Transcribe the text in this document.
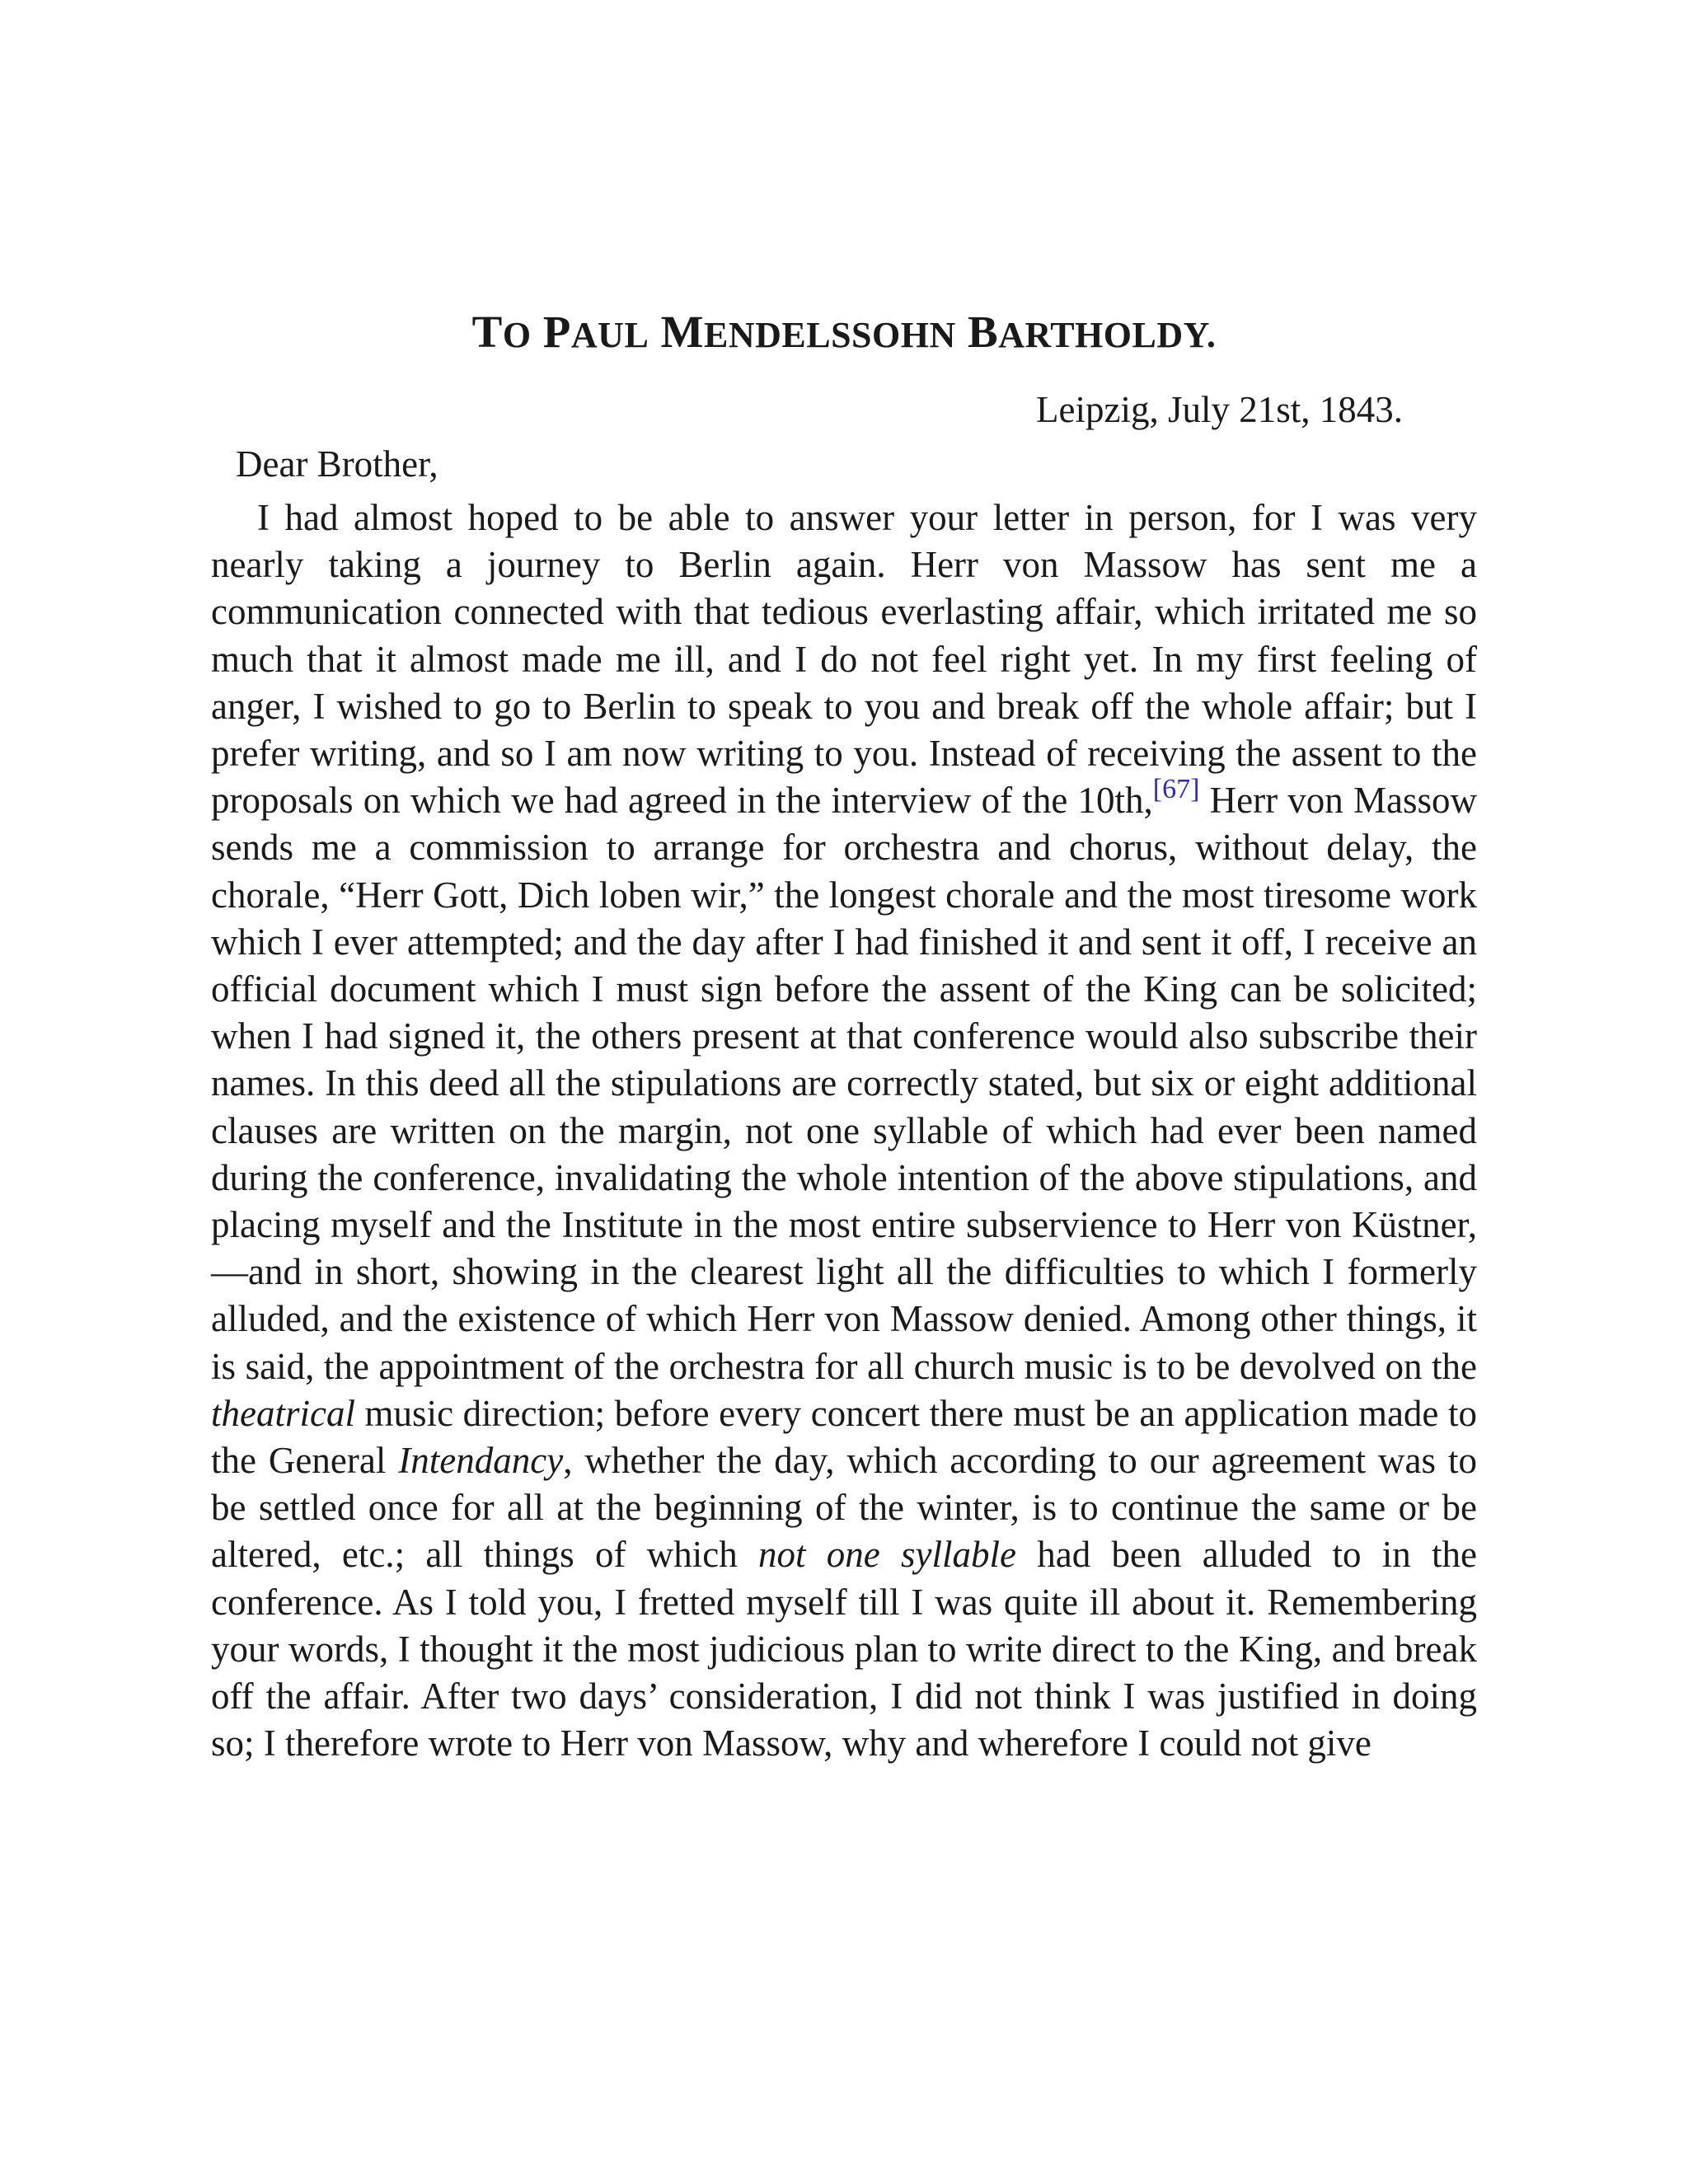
TO PAUL MENDELSSOHN BARTHOLDY.

Leipzig, July 21st, 1843.

Dear Brother,

I had almost hoped to be able to answer your letter in person, for I was very nearly taking a journey to Berlin again. Herr von Massow has sent me a communication connected with that tedious everlasting affair, which irritated me so much that it almost made me ill, and I do not feel right yet. In my first feeling of anger, I wished to go to Berlin to speak to you and break off the whole affair; but I prefer writing, and so I am now writing to you. Instead of receiving the assent to the proposals on which we had agreed in the interview of the 10th,[67] Herr von Massow sends me a commission to arrange for orchestra and chorus, without delay, the chorale, “Herr Gott, Dich loben wir,” the longest chorale and the most tiresome work which I ever attempted; and the day after I had finished it and sent it off, I receive an official document which I must sign before the assent of the King can be solicited; when I had signed it, the others present at that conference would also subscribe their names. In this deed all the stipulations are correctly stated, but six or eight additional clauses are written on the margin, not one syllable of which had ever been named during the conference, invalidating the whole intention of the above stipulations, and placing myself and the Institute in the most entire subservience to Herr von Küstner,—and in short, showing in the clearest light all the difficulties to which I formerly alluded, and the existence of which Herr von Massow denied. Among other things, it is said, the appointment of the orchestra for all church music is to be devolved on the theatrical music direction; before every concert there must be an application made to the General Intendancy, whether the day, which according to our agreement was to be settled once for all at the beginning of the winter, is to continue the same or be altered, etc.; all things of which not one syllable had been alluded to in the conference. As I told you, I fretted myself till I was quite ill about it. Remembering your words, I thought it the most judicious plan to write direct to the King, and break off the affair. After two days’ consideration, I did not think I was justified in doing so; I therefore wrote to Herr von Massow, why and wherefore I could not give
